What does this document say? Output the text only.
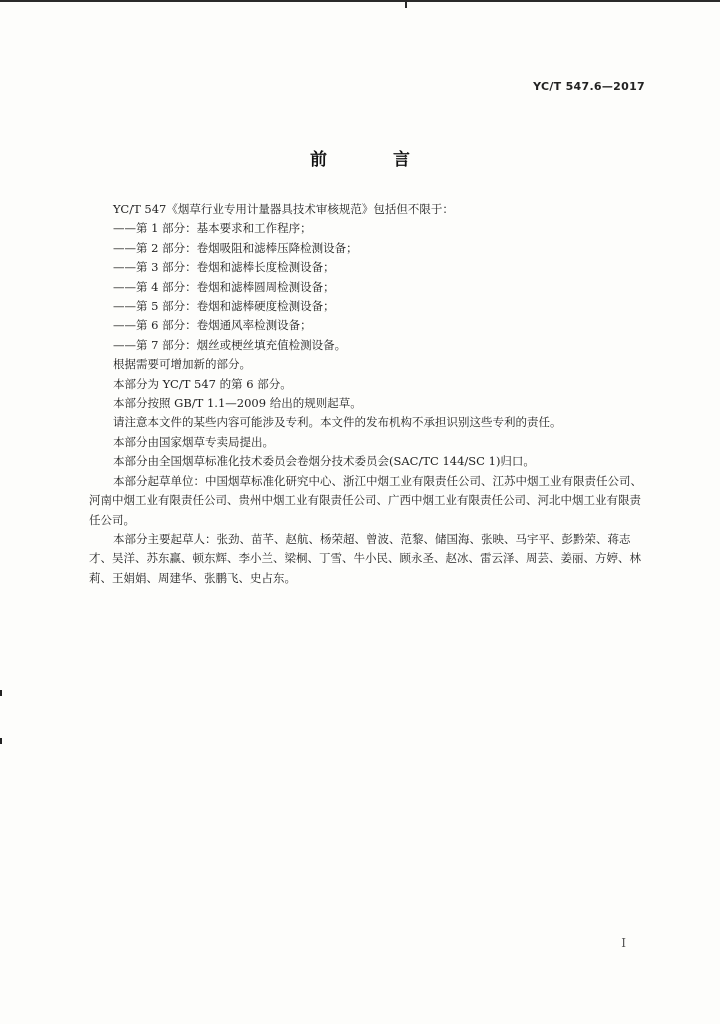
YC/T 547.6—2017
前 言

YC/T 547《烟草行业专用计量器具技术审核规范》包括但不限于：

——第 1 部分：基本要求和工作程序；

——第 2 部分：卷烟吸阻和滤棒压降检测设备；

——第 3 部分：卷烟和滤棒长度检测设备；

——第 4 部分：卷烟和滤棒圆周检测设备；

——第 5 部分：卷烟和滤棒硬度检测设备；

——第 6 部分：卷烟通风率检测设备；

——第 7 部分：烟丝或梗丝填充值检测设备。

根据需要可增加新的部分。

本部分为 YC/T 547 的第 6 部分。

本部分按照 GB/T 1.1—2009 给出的规则起草。

请注意本文件的某些内容可能涉及专利。本文件的发布机构不承担识别这些专利的责任。

本部分由国家烟草专卖局提出。

本部分由全国烟草标准化技术委员会卷烟分技术委员会(SAC/TC 144/SC 1)归口。

本部分起草单位：中国烟草标准化研究中心、浙江中烟工业有限责任公司、江苏中烟工业有限责任公司、河南中烟工业有限责任公司、贵州中烟工业有限责任公司、广西中烟工业有限责任公司、河北中烟工业有限责任公司。

本部分主要起草人：张劲、苗芊、赵航、杨荣超、曾波、范黎、储国海、张映、马宇平、彭黔荣、蒋志才、吴洋、苏东赢、顿东辉、李小兰、梁桐、丁雪、牛小民、顾永圣、赵冰、雷云泽、周芸、姜丽、方婷、林莉、王娟娟、周建华、张鹏飞、史占东。

I
